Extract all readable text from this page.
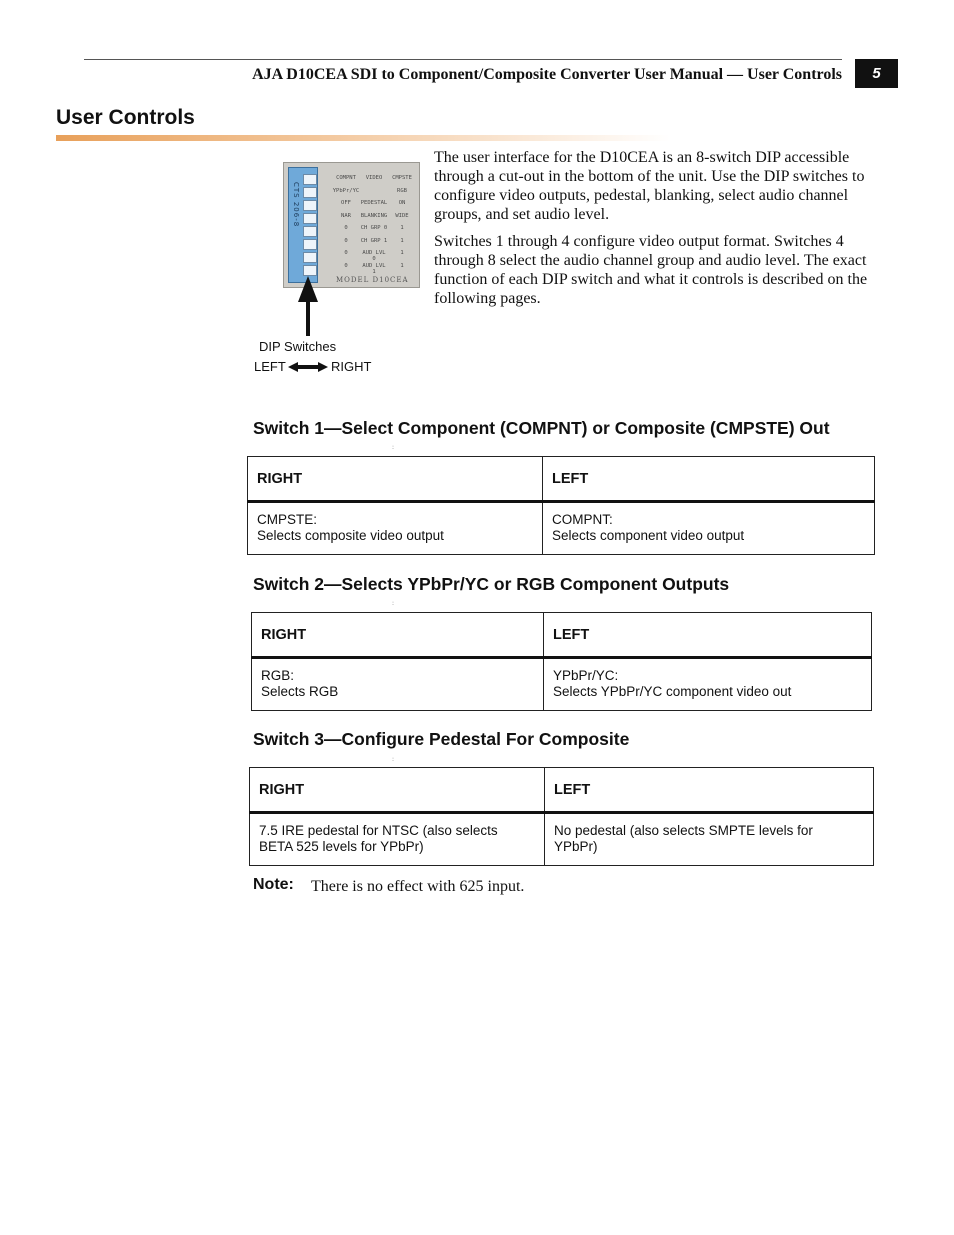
AJA D10CEA SDI to Component/Composite Converter User Manual — User Controls	5
User Controls
CTS 206-8
COMPNT	VIDEO	CMPSTE
YPbPr/YC	RGB
OFF	PEDESTAL	ON
NAR	BLANKING	WIDE
0	CH GRP 0	1
0	CH GRP 1	1
0	AUD LVL 0
1
0	AUD LVL 1
1
MODEL D10CEA
DIP Switches
LEFT	RIGHT

The user interface for the D10CEA is an 8-switch DIP accessible through a cut-out in the bottom of the unit. Use the DIP switches to configure video outputs, pedestal, blanking, select audio channel groups, and set audio level.

Switches 1 through 4 configure video output format. Switches 4 through 8 select the audio channel group and audio level. The exact function of each DIP switch and what it controls is described on the following pages.

Switch 1—Select Component (COMPNT) or Composite (CMPSTE) Out
:
RIGHT	LEFT

CMPSTE:
Selects composite video output	COMPNT:
Selects component video output
Switch 2—Selects YPbPr/YC or RGB Component Outputs
:
RIGHT	LEFT

RGB:
Selects RGB	YPbPr/YC:
Selects YPbPr/YC component video out
Switch 3—Configure Pedestal For Composite
:
RIGHT	LEFT

7.5 IRE pedestal for NTSC (also selects
BETA 525 levels for YPbPr)	No pedestal (also selects SMPTE levels for
YPbPr)
Note: There is no effect with 625 input.
